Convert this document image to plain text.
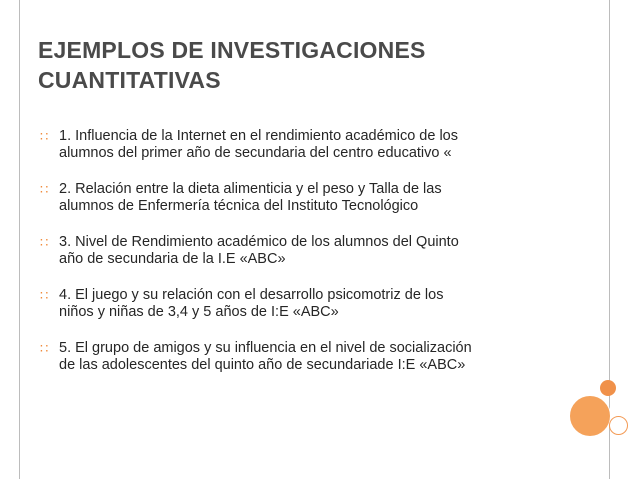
EJEMPLOS DE INVESTIGACIONES
CUANTITATIVAS
∷ 1. Influencia de la Internet en el rendimiento académico de los
alumnos del primer año de secundaria del centro educativo «
∷ 2. Relación entre la dieta alimenticia y el peso y Talla de las
alumnos de Enfermería técnica del Instituto Tecnológico
∷ 3. Nivel de Rendimiento académico de los alumnos del Quinto
año de secundaria de la I.E «ABC»
∷ 4. El juego y su relación con el desarrollo psicomotriz de los
niños y niñas de 3,4 y 5 años de I:E «ABC»
∷ 5. El grupo de amigos y su influencia en el nivel de socialización
de las adolescentes del quinto año de secundariade I:E «ABC»
